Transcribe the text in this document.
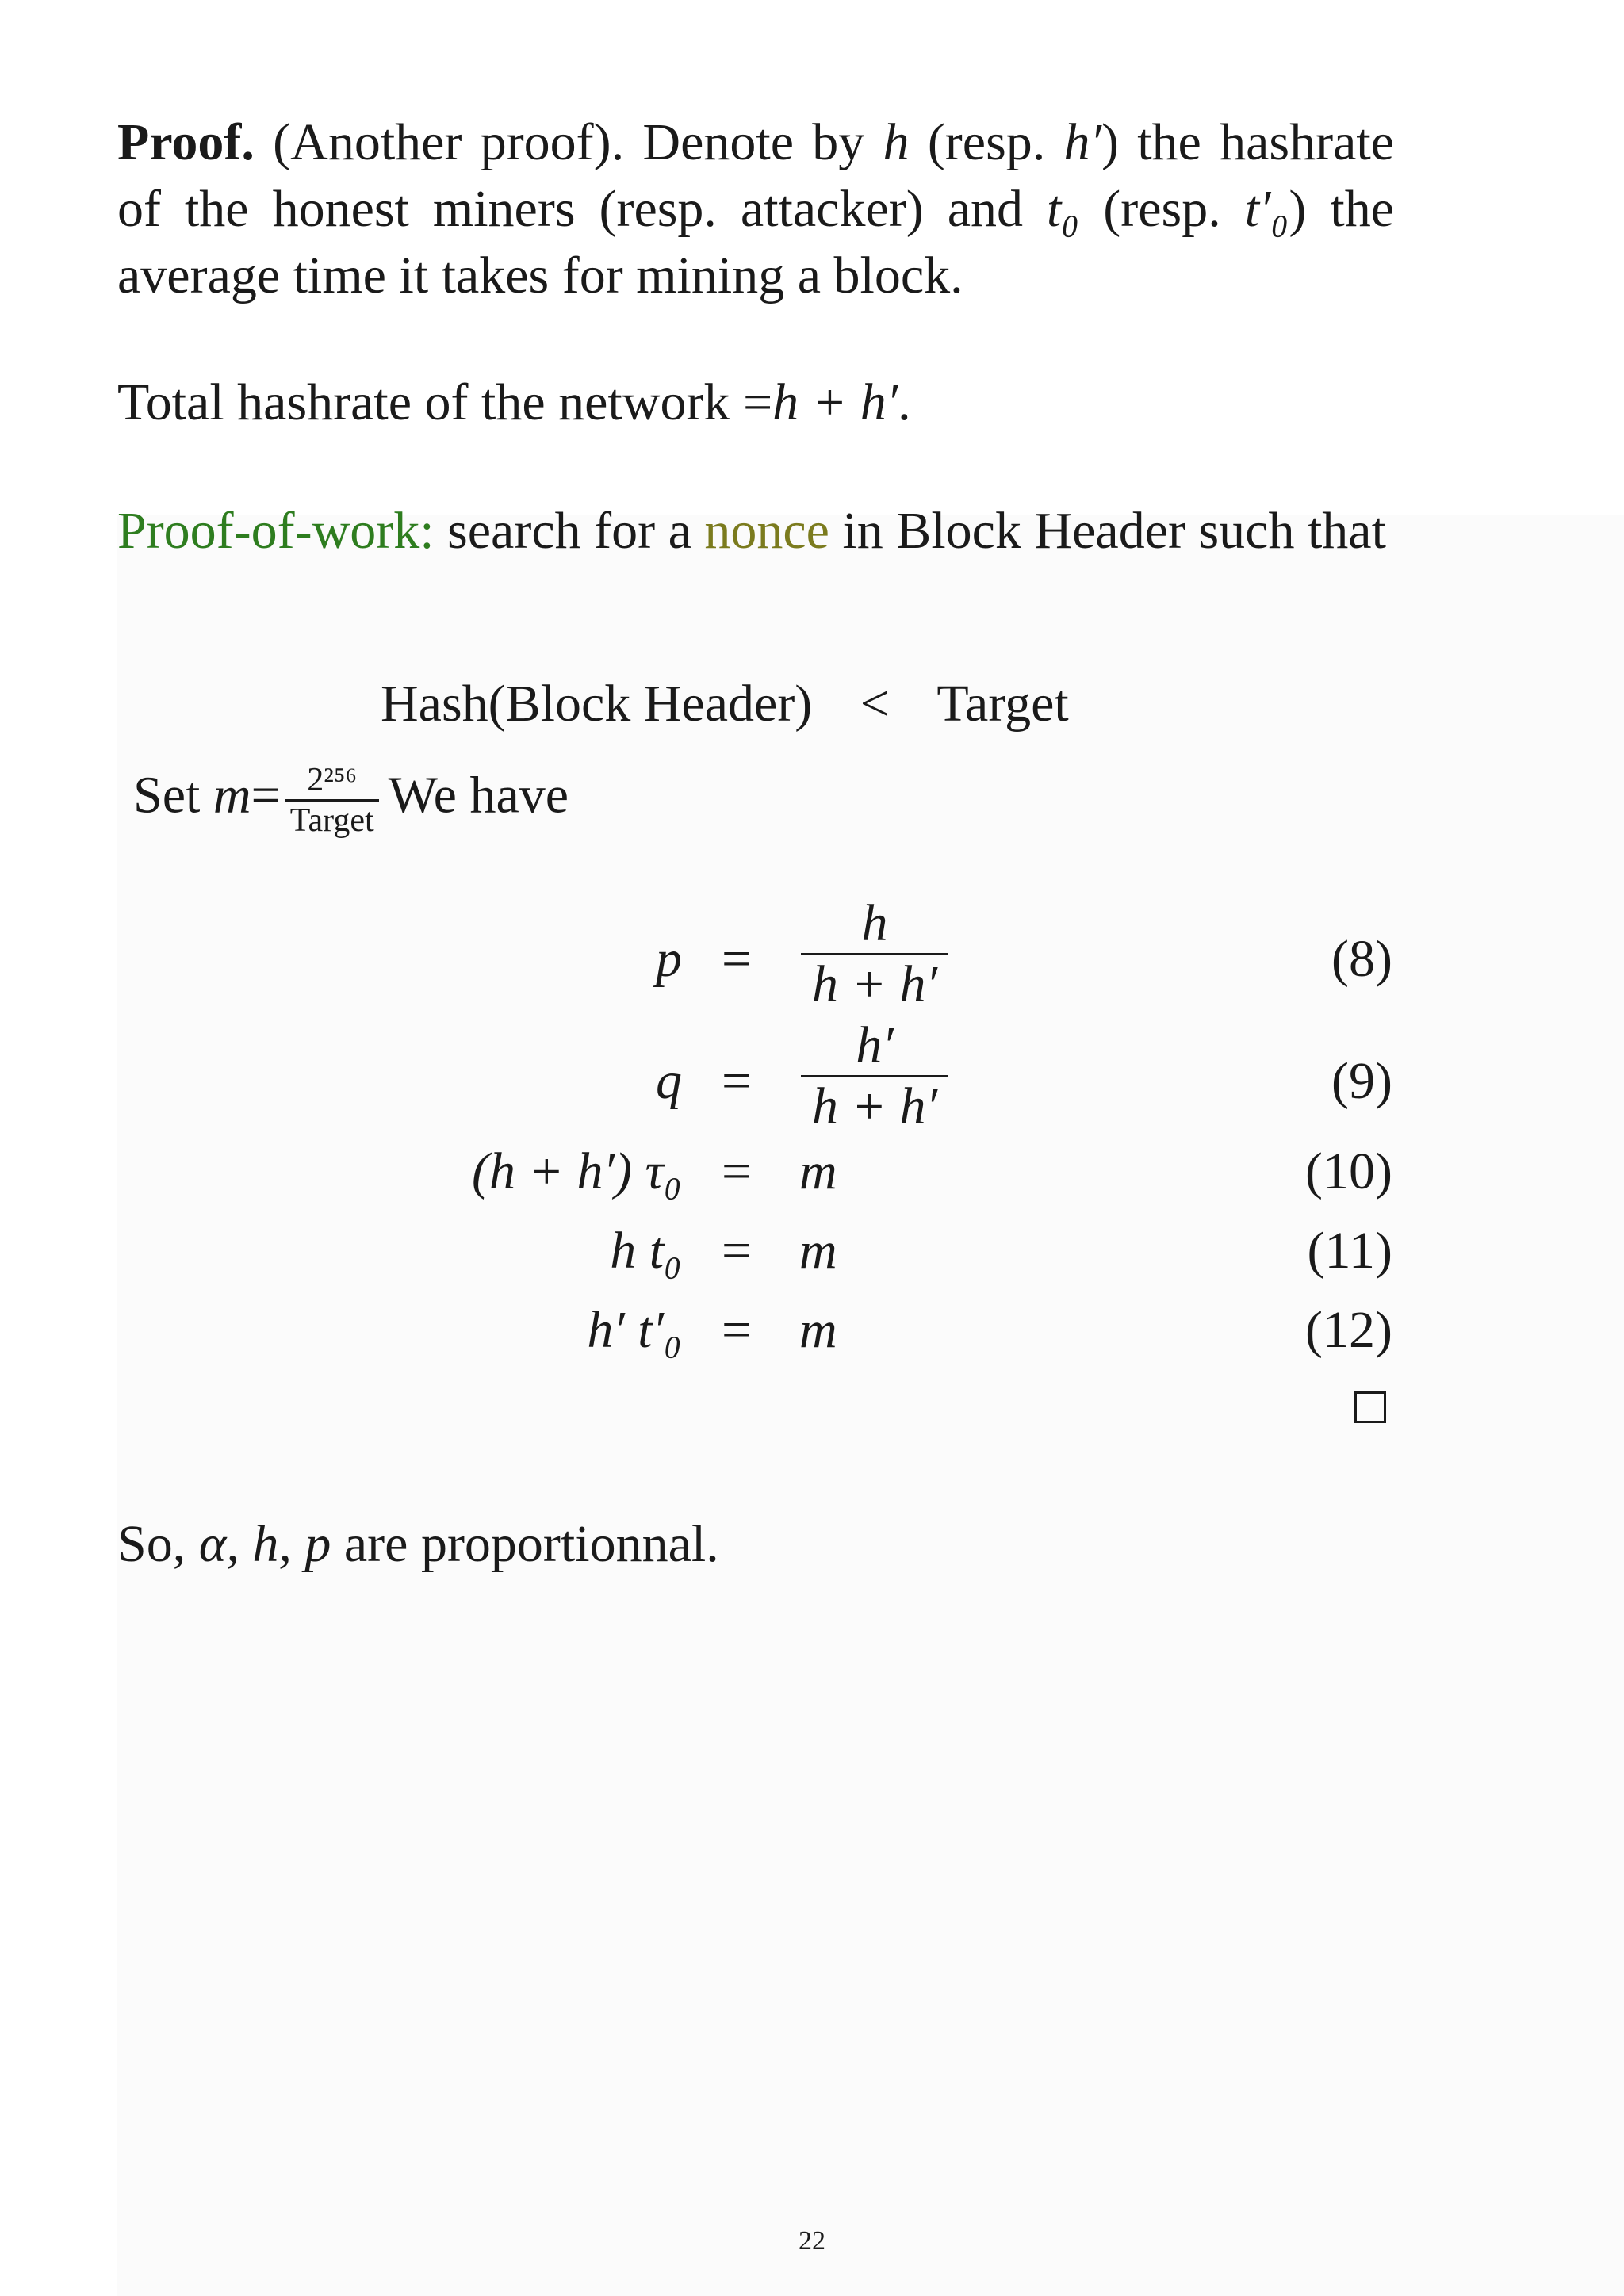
Proof. (Another proof). Denote by h (resp. h′) the hashrate of the honest miners (resp. attacker) and t₀ (resp. t′₀) the average time it takes for mining a block.

Total hashrate of the network =h + h′.

Proof-of-work: search for a nonce in Block Header such that

Hash(Block Header) < Target
Set $m= \frac{\text{2²⁵⁶}}{\text{Target}}$ We have
$p = \frac{h}{h + h'}$	(8)
$q = \frac{h'}{h + h'}$	(9)
(h + h′) τ₀ = m	(10)
h t₀ = m	(11)
h′ t′₀ = m	(12)

So, α, h, p are proportionnal.

22
